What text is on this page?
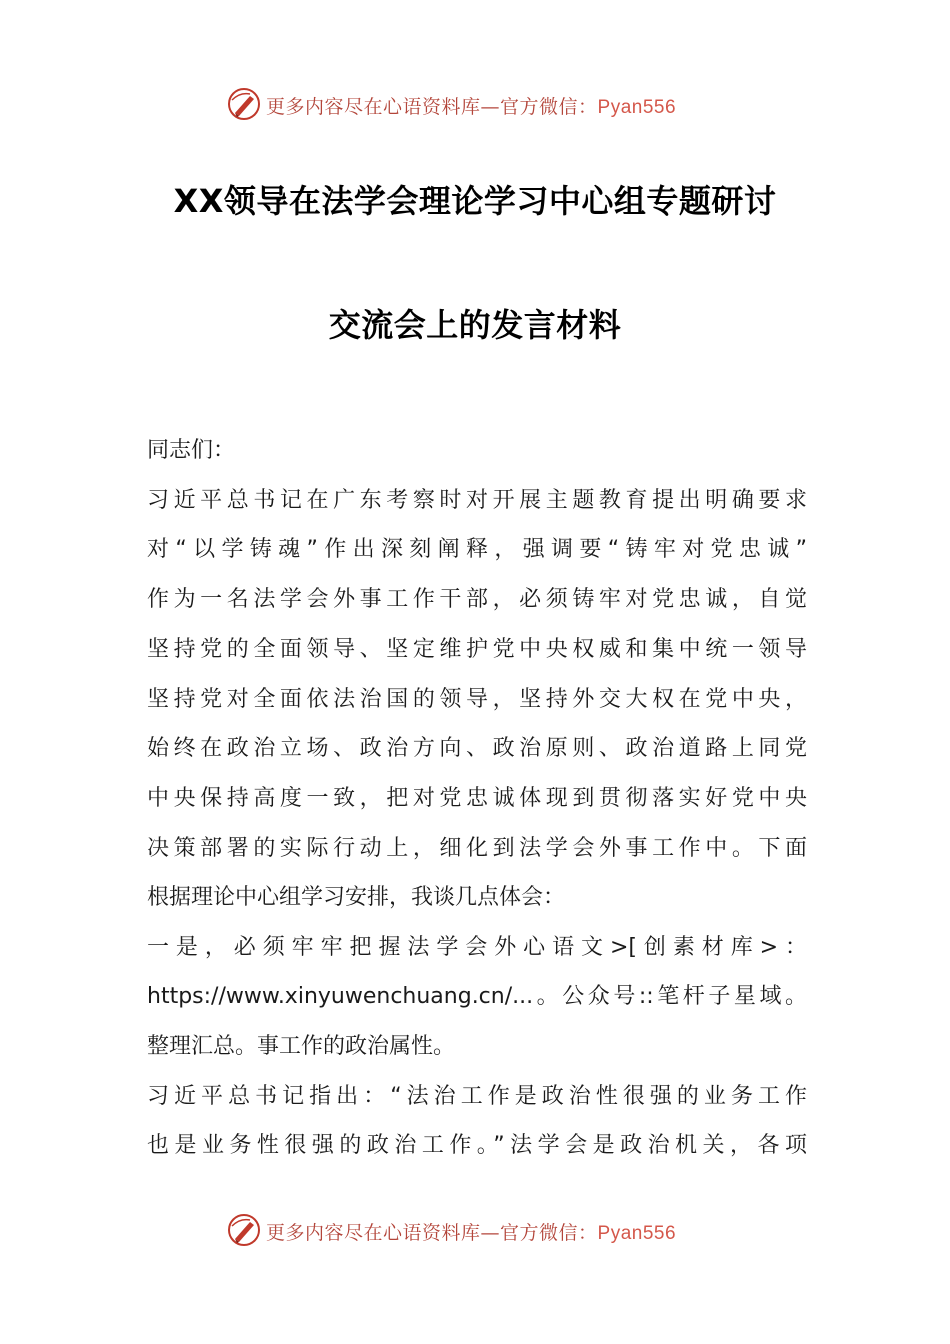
更多内容尽在心语资料库—官方微信：Pyan556
XX领导在法学会理论学习中心组专题研讨
交流会上的发言材料
同志们：
习近平总书记在广东考察时对开展主题教育提出明确要求
对“以学铸魂”作出深刻阐释，强调要“铸牢对党忠诚”
作为一名法学会外事工作干部，必须铸牢对党忠诚，自觉
坚持党的全面领导、坚定维护党中央权威和集中统一领导
坚持党对全面依法治国的领导，坚持外交大权在党中央，
始终在政治立场、政治方向、政治原则、政治道路上同党
中央保持高度一致，把对党忠诚体现到贯彻落实好党中央
决策部署的实际行动上，细化到法学会外事工作中。下面
根据理论中心组学习安排，我谈几点体会：
一是，必须牢牢把握法学会外心语文>[创素材库>：
https://www.xinyuwenchuang.cn/...。公众号::笔杆子星域。
整理汇总。事工作的政治属性。
习近平总书记指出：“法治工作是政治性很强的业务工作
也是业务性很强的政治工作。”法学会是政治机关，各项
更多内容尽在心语资料库—官方微信：Pyan556
